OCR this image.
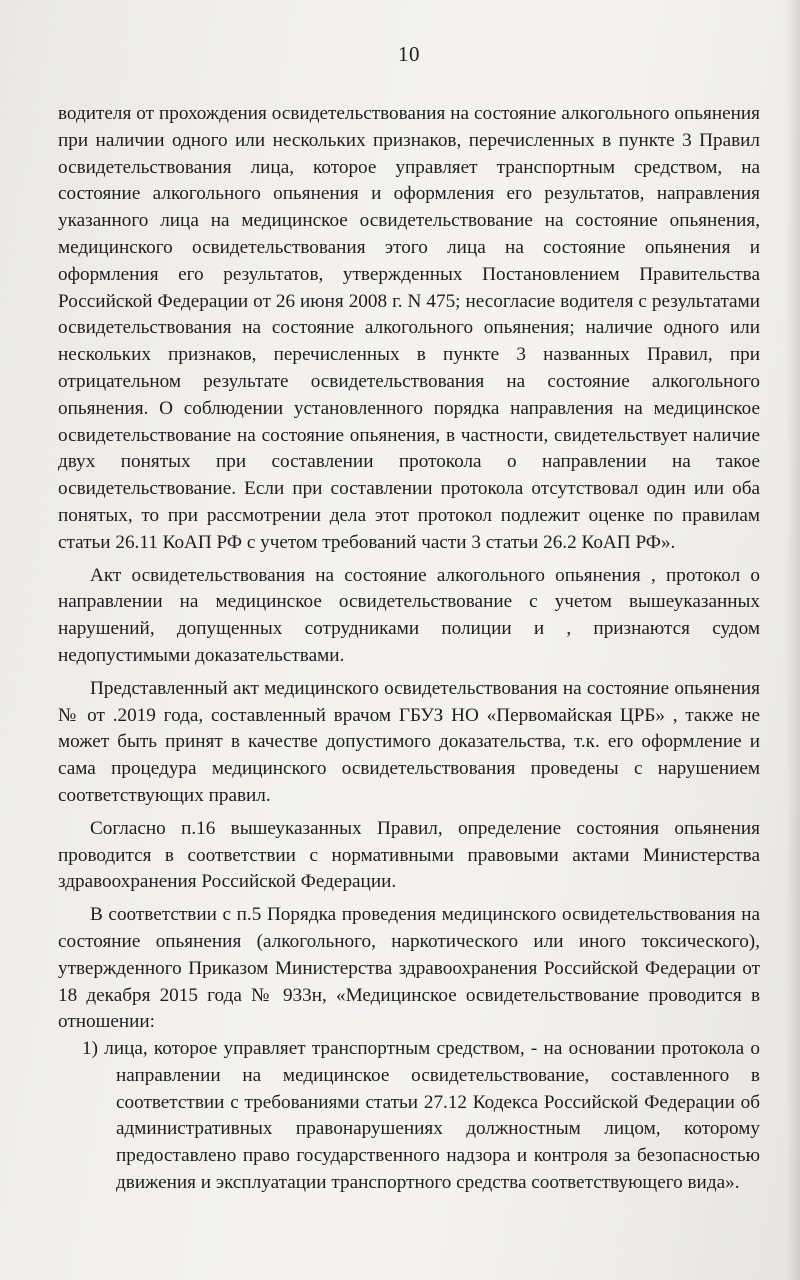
10

водителя от прохождения освидетельствования на состояние алкогольного опьянения при наличии одного или нескольких признаков, перечисленных в пункте 3 Правил освидетельствования лица, которое управляет транспортным средством, на состояние алкогольного опьянения и оформления его результатов, направления указанного лица на медицинское освидетельствование на состояние опьянения, медицинского освидетельствования этого лица на состояние опьянения и оформления его результатов, утвержденных Постановлением Правительства Российской Федерации от 26 июня 2008 г. N 475; несогласие водителя с результатами освидетельствования на состояние алкогольного опьянения; наличие одного или нескольких признаков, перечисленных в пункте 3 названных Правил, при отрицательном результате освидетельствования на состояние алкогольного опьянения. О соблюдении установленного порядка направления на медицинское освидетельствование на состояние опьянения, в частности, свидетельствует наличие двух понятых при составлении протокола о направлении на такое освидетельствование. Если при составлении протокола отсутствовал один или оба понятых, то при рассмотрении дела этот протокол подлежит оценке по правилам статьи 26.11 КоАП РФ с учетом требований части 3 статьи 26.2 КоАП РФ».

Акт освидетельствования на состояние алкогольного опьянения , протокол о направлении на медицинское освидетельствование с учетом вышеуказанных нарушений, допущенных сотрудниками полиции и , признаются судом недопустимыми доказательствами.

Представленный акт медицинского освидетельствования на состояние опьянения № от .2019 года, составленный врачом ГБУЗ НО «Первомайская ЦРБ» , также не может быть принят в качестве допустимого доказательства, т.к. его оформление и сама процедура медицинского освидетельствования проведены с нарушением соответствующих правил.

Согласно п.16 вышеуказанных Правил, определение состояния опьянения проводится в соответствии с нормативными правовыми актами Министерства здравоохранения Российской Федерации.

В соответствии с п.5 Порядка проведения медицинского освидетельствования на состояние опьянения (алкогольного, наркотического или иного токсического), утвержденного Приказом Министерства здравоохранения Российской Федерации от 18 декабря 2015 года № 933н, «Медицинское освидетельствование проводится в отношении:

1) лица, которое управляет транспортным средством, - на основании протокола о направлении на медицинское освидетельствование, составленного в соответствии с требованиями статьи 27.12 Кодекса Российской Федерации об административных правонарушениях должностным лицом, которому предоставлено право государственного надзора и контроля за безопасностью движения и эксплуатации транспортного средства соответствующего вида».
